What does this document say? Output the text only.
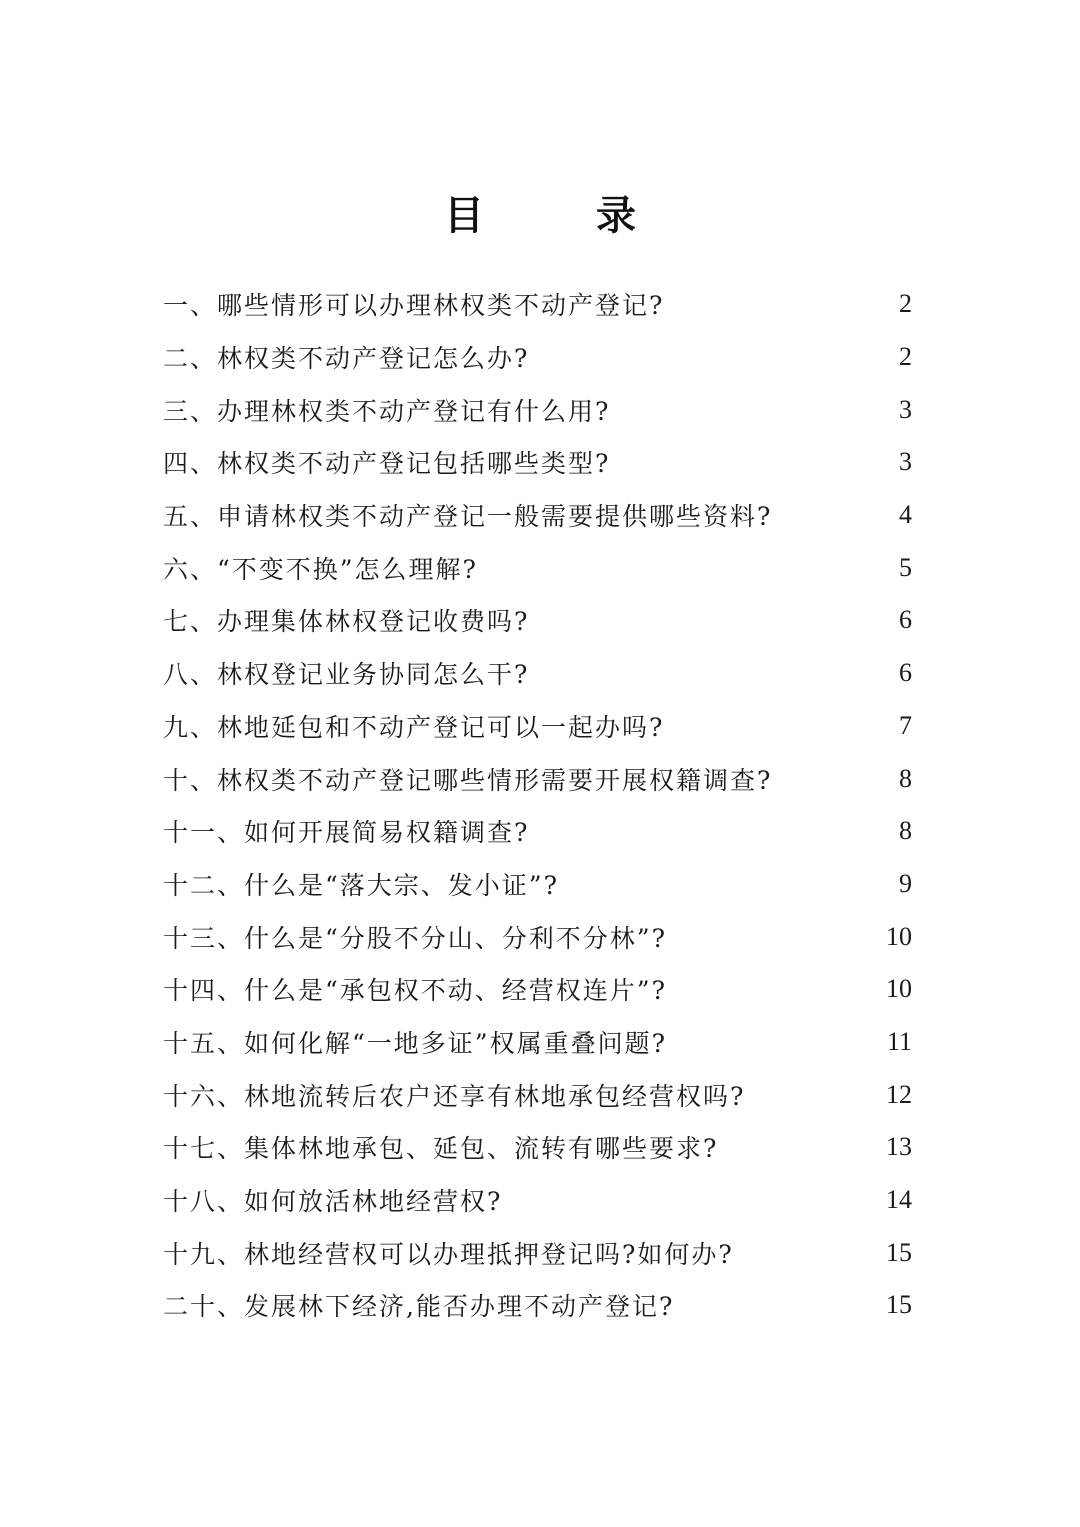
目　录
一、哪些情形可以办理林权类不动产登记?	2
二、林权类不动产登记怎么办?	2
三、办理林权类不动产登记有什么用?	3
四、林权类不动产登记包括哪些类型?	3
五、申请林权类不动产登记一般需要提供哪些资料?	4
六、“不变不换”怎么理解?	5
七、办理集体林权登记收费吗?	6
八、林权登记业务协同怎么干?	6
九、林地延包和不动产登记可以一起办吗?	7
十、林权类不动产登记哪些情形需要开展权籍调查?	8
十一、如何开展简易权籍调查?	8
十二、什么是“落大宗、发小证”?	9
十三、什么是“分股不分山、分利不分林”?	10
十四、什么是“承包权不动、经营权连片”?	10
十五、如何化解“一地多证”权属重叠问题?	11
十六、林地流转后农户还享有林地承包经营权吗?	12
十七、集体林地承包、延包、流转有哪些要求?	13
十八、如何放活林地经营权?	14
十九、林地经营权可以办理抵押登记吗?如何办?	15
二十、发展林下经济,能否办理不动产登记?	15
